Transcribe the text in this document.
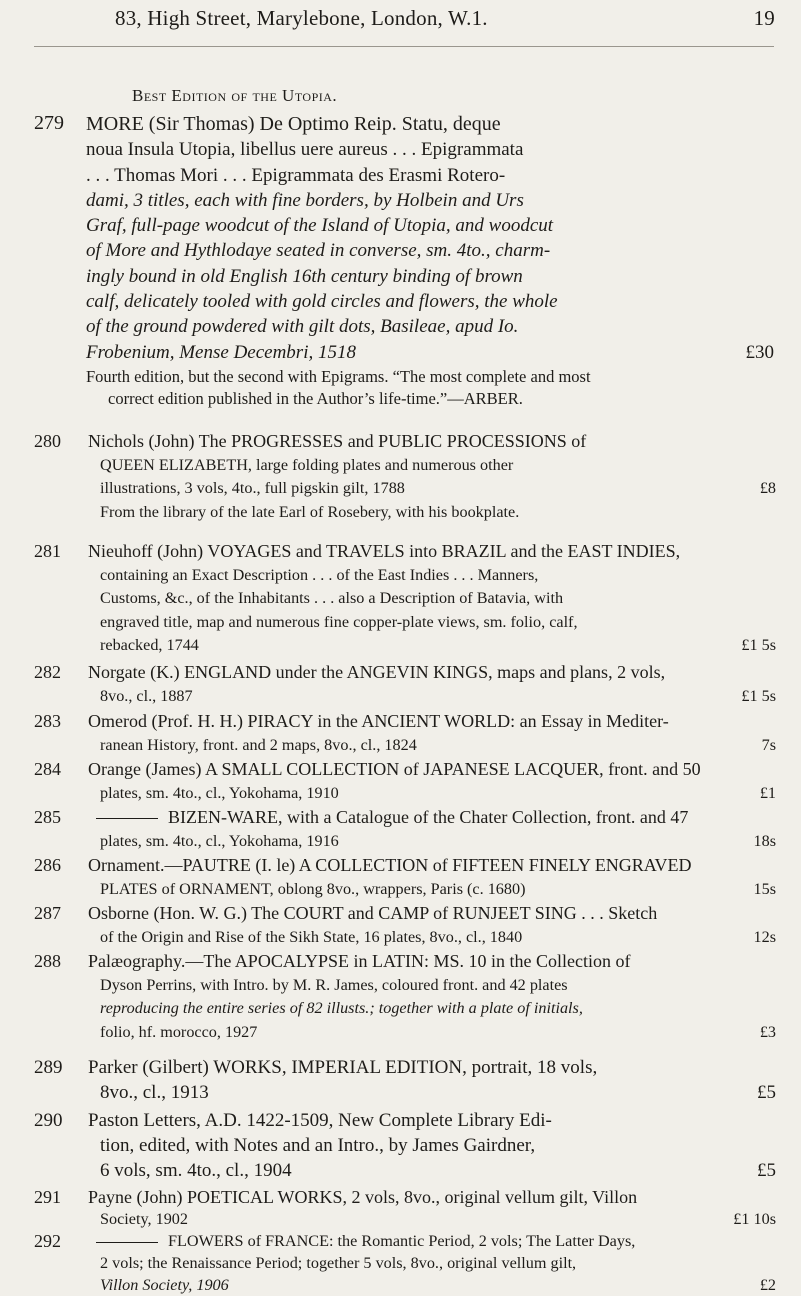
83, High Street, Marylebone, London, W.1.	19
Best Edition of the Utopia.
279 MORE (Sir Thomas) De Optimo Reip. Statu, deque
noua Insula Utopia, libellus uere aureus . . . Epigrammata
. . . Thomas Mori . . . Epigrammata des Erasmi Rotero-
dami, 3 titles, each with fine borders, by Holbein and Urs
Graf, full-page woodcut of the Island of Utopia, and woodcut
of More and Hythlodaye seated in converse, sm. 4to., charm-
ingly bound in old English 16th century binding of brown
calf, delicately tooled with gold circles and flowers, the whole
of the ground powdered with gilt dots, Basileae, apud Io.
Frobenium, Mense Decembri, 1518	£30
Fourth edition, but the second with Epigrams. “The most complete and most
correct edition published in the Author’s life-time.”—ARBER.
280 Nichols (John) The PROGRESSES and PUBLIC PROCESSIONS of
QUEEN ELIZABETH, large folding plates and numerous other
illustrations, 3 vols, 4to., full pigskin gilt, 1788	£8
From the library of the late Earl of Rosebery, with his bookplate.
281 Nieuhoff (John) VOYAGES and TRAVELS into BRAZIL and the EAST INDIES,
containing an Exact Description . . . of the East Indies . . . Manners,
Customs, &c., of the Inhabitants . . . also a Description of Batavia, with
engraved title, map and numerous fine copper-plate views, sm. folio, calf,
rebacked, 1744	£1 5s
282 Norgate (K.) ENGLAND under the ANGEVIN KINGS, maps and plans, 2 vols,
8vo., cl., 1887	£1 5s
283 Omerod (Prof. H. H.) PIRACY in the ANCIENT WORLD: an Essay in Mediter-
ranean History, front. and 2 maps, 8vo., cl., 1824	7s
284 Orange (James) A SMALL COLLECTION of JAPANESE LACQUER, front. and 50
plates, sm. 4to., cl., Yokohama, 1910	£1
285	BIZEN-WARE, with a Catalogue of the Chater Collection, front. and 47
plates, sm. 4to., cl., Yokohama, 1916	18s
286 Ornament.—PAUTRE (I. le) A COLLECTION of FIFTEEN FINELY ENGRAVED
PLATES of ORNAMENT, oblong 8vo., wrappers, Paris (c. 1680)	15s
287 Osborne (Hon. W. G.) The COURT and CAMP of RUNJEET SING . . . Sketch
of the Origin and Rise of the Sikh State, 16 plates, 8vo., cl., 1840	12s
288 Palæography.—The APOCALYPSE in LATIN: MS. 10 in the Collection of
Dyson Perrins, with Intro. by M. R. James, coloured front. and 42 plates
reproducing the entire series of 82 illusts.; together with a plate of initials,
folio, hf. morocco, 1927	£3
289 Parker (Gilbert) WORKS, IMPERIAL EDITION, portrait, 18 vols,
8vo., cl., 1913	£5
290 Paston Letters, A.D. 1422-1509, New Complete Library Edi-
tion, edited, with Notes and an Intro., by James Gairdner,
6 vols, sm. 4to., cl., 1904	£5
291 Payne (John) POETICAL WORKS, 2 vols, 8vo., original vellum gilt, Villon
Society, 1902	£1 10s
292	FLOWERS of FRANCE: the Romantic Period, 2 vols; The Latter Days,
2 vols; the Renaissance Period; together 5 vols, 8vo., original vellum gilt,
Villon Society, 1906	£2
